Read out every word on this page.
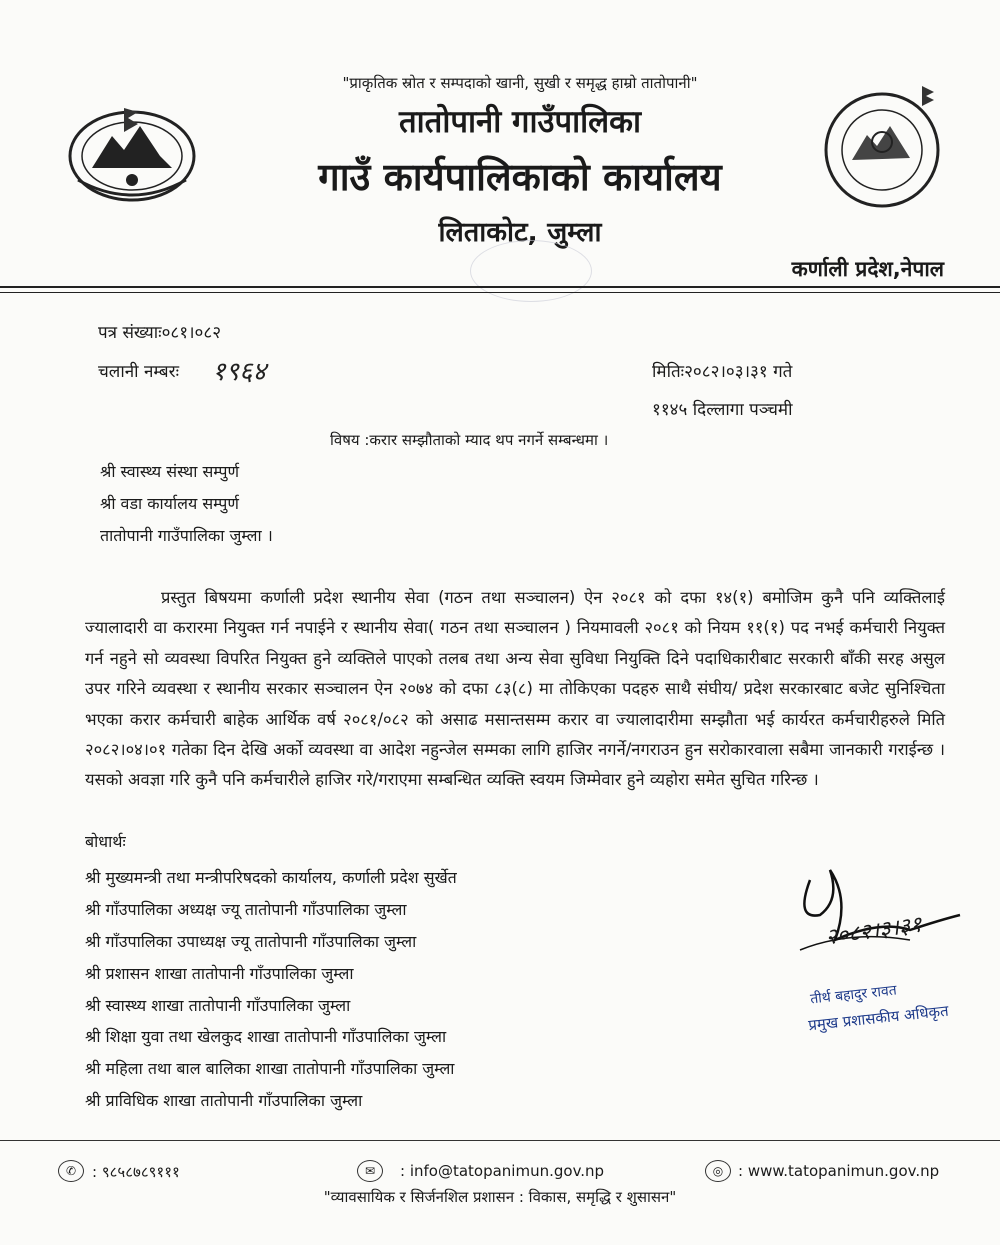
"प्राकृतिक स्रोत र सम्पदाको खानी, सुखी र समृद्ध हाम्रो तातोपानी"
तातोपानी गाउँपालिका
गाउँ कार्यपालिकाको कार्यालय
लिताकोट, जुम्ला
कर्णाली प्रदेश,नेपाल
पत्र संख्याः०८१।०८२
चलानी नम्बरः १९६४	मितिः२०८२।०३।३१ गते
११४५ दिल्लागा पञ्चमी
विषय :करार सम्झौताको म्याद थप नगर्ने सम्बन्धमा ।
श्री स्वास्थ्य संस्था सम्पुर्ण
श्री वडा कार्यालय सम्पुर्ण
तातोपानी गाउँपालिका जुम्ला ।

प्रस्तुत बिषयमा कर्णाली प्रदेश स्थानीय सेवा (गठन तथा सञ्चालन) ऐन २०८१ को दफा १४(१) बमोजिम कुनै पनि व्यक्तिलाई ज्यालादारी वा करारमा नियुक्त गर्न नपाईने र स्थानीय सेवा( गठन तथा सञ्चालन ) नियमावली २०८१ को नियम ११(१) पद नभई कर्मचारी नियुक्त गर्न नहुने सो व्यवस्था विपरित नियुक्त हुने व्यक्तिले पाएको तलब तथा अन्य सेवा सुविधा नियुक्ति दिने पदाधिकारीबाट सरकारी बाँकी सरह असुल उपर गरिने व्यवस्था र स्थानीय सरकार सञ्चालन ऐन २०७४ को दफा ८३(८) मा तोकिएका पदहरु साथै संघीय/ प्रदेश सरकारबाट बजेट सुनिश्चिता भएका करार कर्मचारी बाहेक आर्थिक वर्ष २०८१/०८२ को असाढ मसान्तसम्म करार वा ज्यालादारीमा सम्झौता भई कार्यरत कर्मचारीहरुले मिति २०८२।०४।०१ गतेका दिन देखि अर्को व्यवस्था वा आदेश नहुन्जेल सम्मका लागि हाजिर नगर्ने/नगराउन हुन सरोकारवाला सबैमा जानकारी गराईन्छ । यसको अवज्ञा गरि कुनै पनि कर्मचारीले हाजिर गरे/गराएमा सम्बन्धित व्यक्ति स्वयम जिम्मेवार हुने व्यहोरा समेत सुचित गरिन्छ ।

बोधार्थः
श्री मुख्यमन्त्री तथा मन्त्रीपरिषदको कार्यालय, कर्णाली प्रदेश सुर्खेत
श्री गाँउपालिका अध्यक्ष ज्यू तातोपानी गाँउपालिका जुम्ला
श्री गाँउपालिका उपाध्यक्ष ज्यू तातोपानी गाँउपालिका जुम्ला
श्री प्रशासन शाखा तातोपानी गाँउपालिका जुम्ला
श्री स्वास्थ्य शाखा तातोपानी गाँउपालिका जुम्ला
श्री शिक्षा युवा तथा खेलकुद शाखा तातोपानी गाँउपालिका जुम्ला
श्री महिला तथा बाल बालिका शाखा तातोपानी गाँउपालिका जुम्ला
श्री प्राविधिक शाखा तातोपानी गाँउपालिका जुम्ला
२०८२।३।३१
तीर्थ बहादुर रावत
प्रमुख प्रशासकीय अधिकृत
✆	: ९८५८७८९१११	✉	: info@tatopanimun.gov.np	◎ : www.tatopanimun.gov.np
"व्यावसायिक र सिर्जनशिल प्रशासन : विकास, समृद्धि र शुसासन"
